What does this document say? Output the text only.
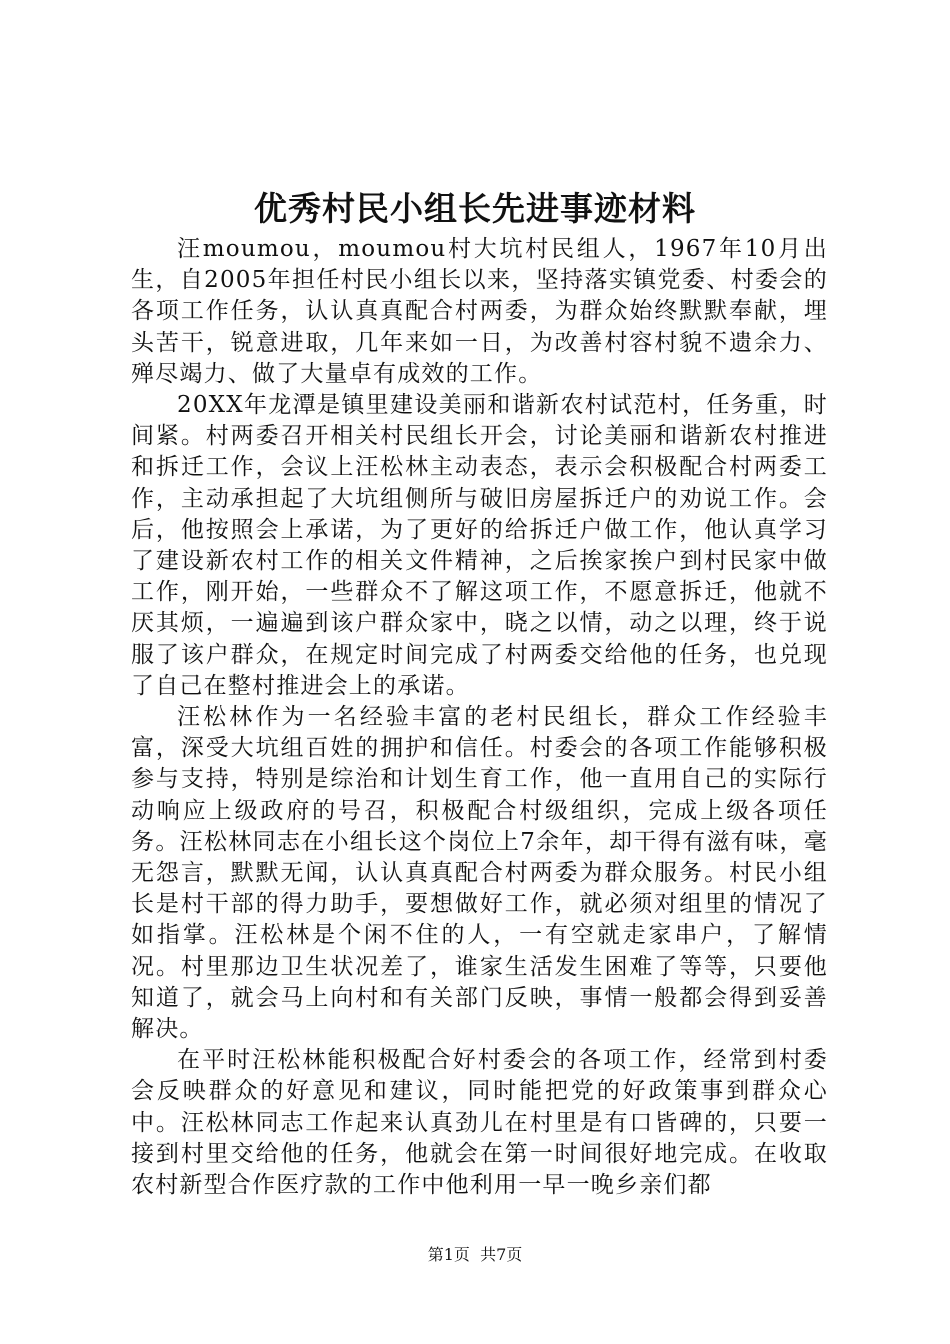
优秀村民小组长先进事迹材料

汪moumou，moumou村大坑村民组人，1967年10月出生，自2005年担任村民小组长以来，坚持落实镇党委、村委会的各项工作任务，认认真真配合村两委，为群众始终默默奉献，埋头苦干，锐意进取，几年来如一日，为改善村容村貌不遗余力、殚尽竭力、做了大量卓有成效的工作。

20XX年龙潭是镇里建设美丽和谐新农村试范村，任务重，时间紧。村两委召开相关村民组长开会，讨论美丽和谐新农村推进和拆迁工作，会议上汪松林主动表态，表示会积极配合村两委工作，主动承担起了大坑组侧所与破旧房屋拆迁户的劝说工作。会后，他按照会上承诺，为了更好的给拆迁户做工作，他认真学习了建设新农村工作的相关文件精神，之后挨家挨户到村民家中做工作，刚开始，一些群众不了解这项工作，不愿意拆迁，他就不厌其烦，一遍遍到该户群众家中，晓之以情，动之以理，终于说服了该户群众，在规定时间完成了村两委交给他的任务，也兑现了自己在整村推进会上的承诺。

汪松林作为一名经验丰富的老村民组长，群众工作经验丰富，深受大坑组百姓的拥护和信任。村委会的各项工作能够积极参与支持，特别是综治和计划生育工作，他一直用自己的实际行动响应上级政府的号召，积极配合村级组织，完成上级各项任务。汪松林同志在小组长这个岗位上7余年，却干得有滋有味，毫无怨言，默默无闻，认认真真配合村两委为群众服务。村民小组长是村干部的得力助手，要想做好工作，就必须对组里的情况了如指掌。汪松林是个闲不住的人，一有空就走家串户，了解情况。村里那边卫生状况差了，谁家生活发生困难了等等，只要他知道了，就会马上向村和有关部门反映，事情一般都会得到妥善解决。

在平时汪松林能积极配合好村委会的各项工作，经常到村委会反映群众的好意见和建议，同时能把党的好政策事到群众心中。汪松林同志工作起来认真劲儿在村里是有口皆碑的，只要一接到村里交给他的任务，他就会在第一时间很好地完成。在收取农村新型合作医疗款的工作中他利用一早一晚乡亲们都

第1页 共7页
